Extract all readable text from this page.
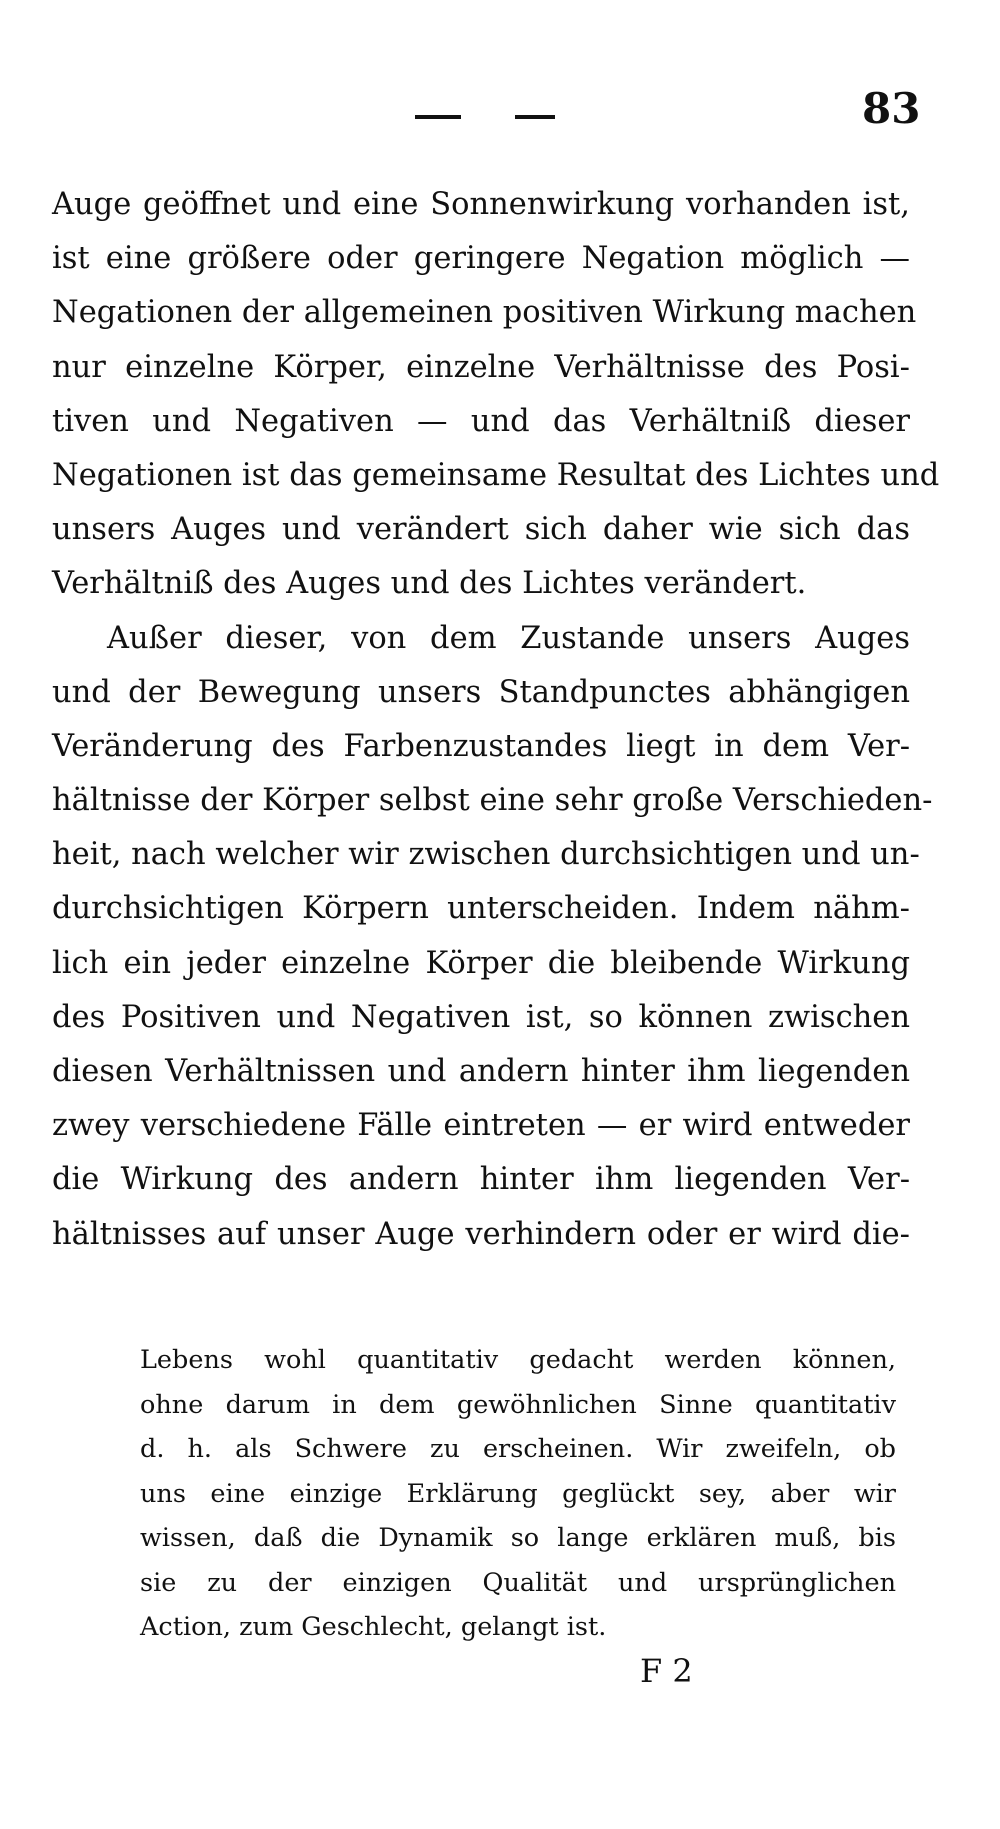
83
Auge geöffnet und eine Sonnenwirkung vorhanden ist,
ist eine größere oder geringere Negation möglich —
Negationen der allgemeinen positiven Wirkung machen
nur einzelne Körper, einzelne Verhältnisse des Posi-
tiven und Negativen — und das Verhältniß dieser
Negationen ist das gemeinsame Resultat des Lichtes und
unsers Auges und verändert sich daher wie sich das
Verhältniß des Auges und des Lichtes verändert.
Außer dieser, von dem Zustande unsers Auges
und der Bewegung unsers Standpunctes abhängigen
Veränderung des Farbenzustandes liegt in dem Ver-
hältnisse der Körper selbst eine sehr große Verschieden-
heit, nach welcher wir zwischen durchsichtigen und un-
durchsichtigen Körpern unterscheiden. Indem nähm-
lich ein jeder einzelne Körper die bleibende Wirkung
des Positiven und Negativen ist, so können zwischen
diesen Verhältnissen und andern hinter ihm liegenden
zwey verschiedene Fälle eintreten — er wird entweder
die Wirkung des andern hinter ihm liegenden Ver-
hältnisses auf unser Auge verhindern oder er wird die-
Lebens wohl quantitativ gedacht werden können,
ohne darum in dem gewöhnlichen Sinne quantitativ
d. h. als Schwere zu erscheinen. Wir zweifeln, ob
uns eine einzige Erklärung geglückt sey, aber wir
wissen, daß die Dynamik so lange erklären muß, bis
sie zu der einzigen Qualität und ursprünglichen
Action, zum Geschlecht, gelangt ist.
F 2
